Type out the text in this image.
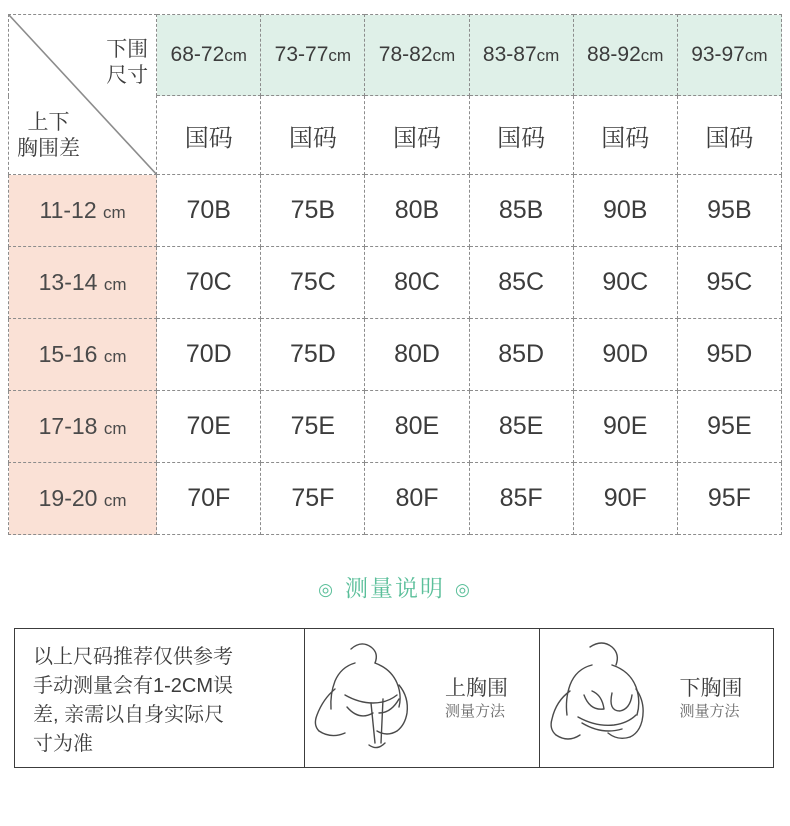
下围
尺寸
上下
胸围差	68-72cm	73-77cm	78-82cm	83-87cm	88-92cm	93-97cm
	国码	国码	国码	国码	国码	国码
11-12 cm	70B	75B	80B	85B	90B	95B
13-14 cm	70C	75C	80C	85C	90C	95C
15-16 cm	70D	75D	80D	85D	90D	95D
17-18 cm	70E	75E	80E	85E	90E	95E
19-20 cm	70F	75F	80F	85F	90F	95F
◎ 测量说明 ◎
以上尺码推荐仅供参考
手动测量会有1-2CM误
差, 亲需以自身实际尺
寸为准
上胸围
测量方法
下胸围
测量方法
